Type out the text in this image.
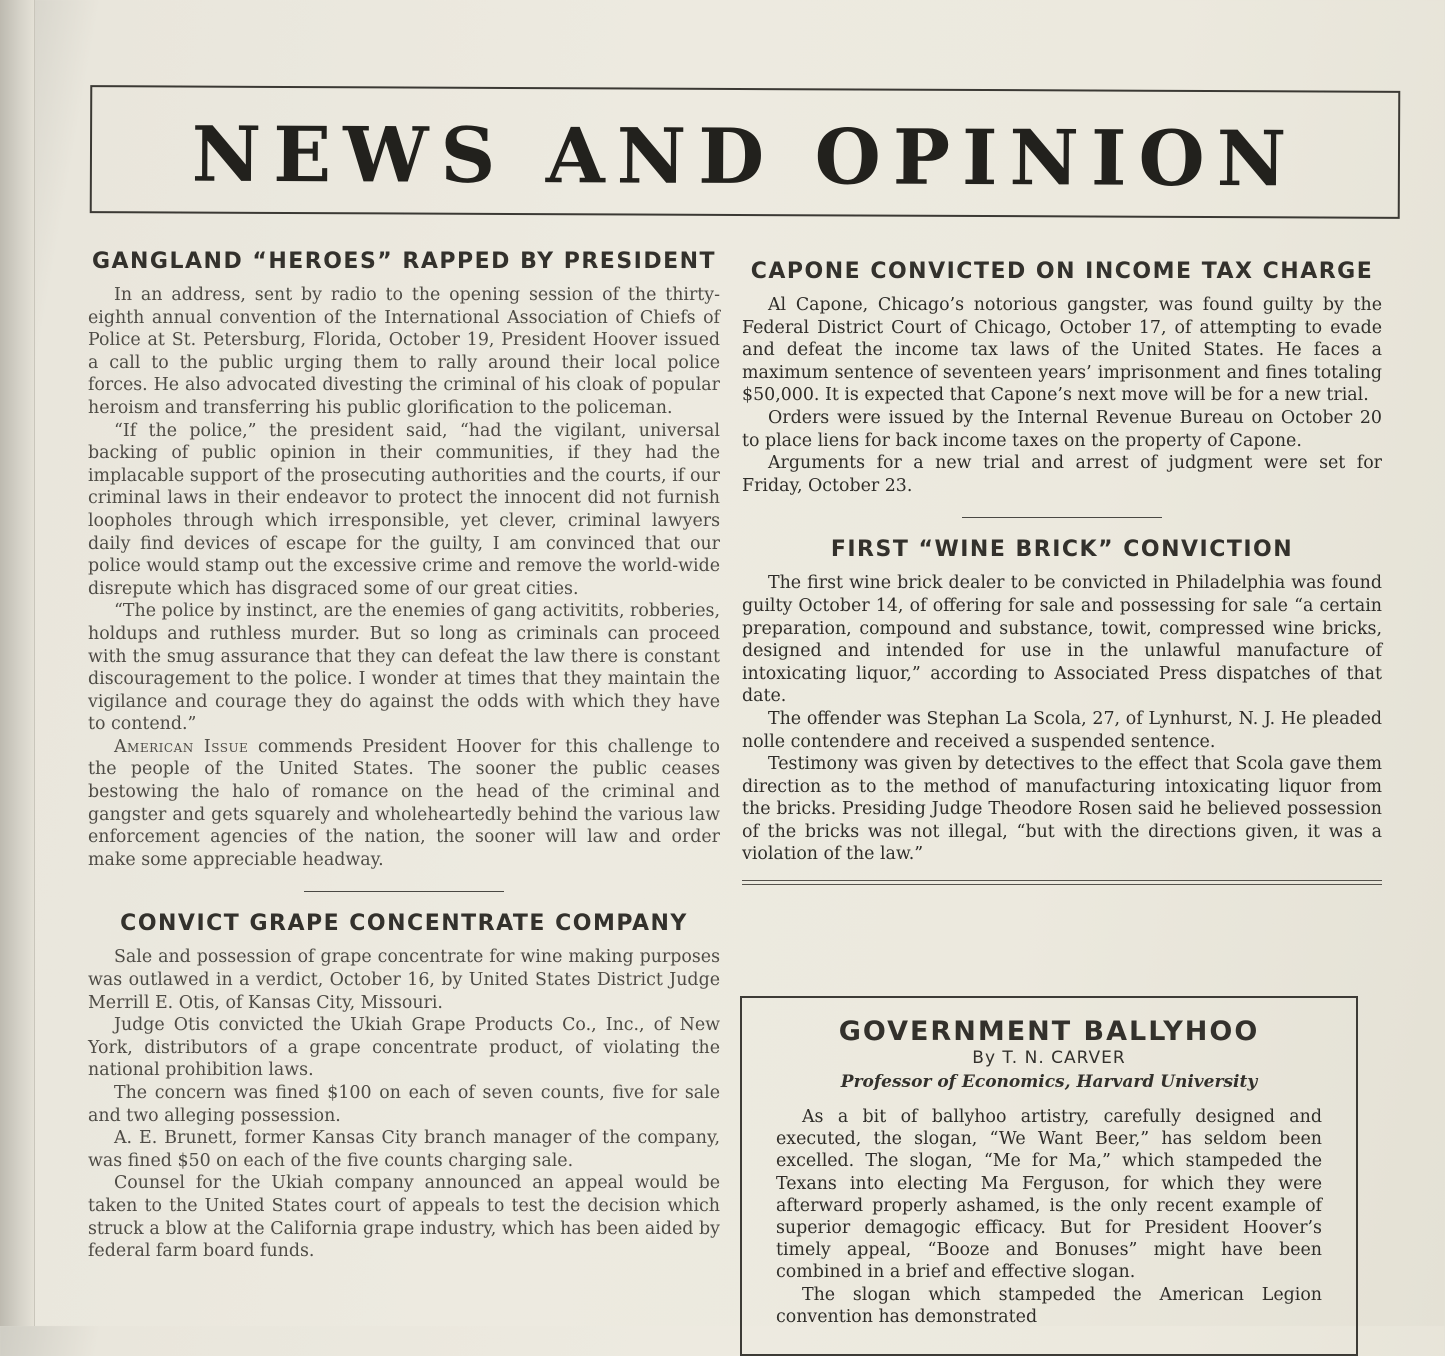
NEWS AND OPINION
GANGLAND “HEROES” RAPPED BY PRESIDENT

In an address, sent by radio to the opening session of the thirty-eighth annual convention of the International Association of Chiefs of Police at St. Petersburg, Florida, October 19, President Hoover issued a call to the public urging them to rally around their local police forces. He also advocated divesting the criminal of his cloak of popular heroism and transferring his public glorification to the policeman.

“If the police,” the president said, “had the vigilant, universal backing of public opinion in their communities, if they had the implacable support of the prosecuting authorities and the courts, if our criminal laws in their endeavor to protect the innocent did not furnish loopholes through which irresponsible, yet clever, criminal lawyers daily find devices of escape for the guilty, I am convinced that our police would stamp out the excessive crime and remove the world-wide disrepute which has disgraced some of our great cities.

“The police by instinct, are the enemies of gang activitits, robberies, holdups and ruthless murder. But so long as criminals can proceed with the smug assurance that they can defeat the law there is constant discouragement to the police. I wonder at times that they maintain the vigilance and courage they do against the odds with which they have to contend.”

American Issue commends President Hoover for this challenge to the people of the United States. The sooner the public ceases bestowing the halo of romance on the head of the criminal and gangster and gets squarely and wholeheartedly behind the various law enforcement agencies of the nation, the sooner will law and order make some appreciable headway.

CONVICT GRAPE CONCENTRATE COMPANY

Sale and possession of grape concentrate for wine making purposes was outlawed in a verdict, October 16, by United States District Judge Merrill E. Otis, of Kansas City, Missouri.

Judge Otis convicted the Ukiah Grape Products Co., Inc., of New York, distributors of a grape concentrate product, of violating the national prohibition laws.

The concern was fined $100 on each of seven counts, five for sale and two alleging possession.

A. E. Brunett, former Kansas City branch manager of the company, was fined $50 on each of the five counts charging sale.

Counsel for the Ukiah company announced an appeal would be taken to the United States court of appeals to test the decision which struck a blow at the California grape industry, which has been aided by federal farm board funds.

CAPONE CONVICTED ON INCOME TAX CHARGE

Al Capone, Chicago’s notorious gangster, was found guilty by the Federal District Court of Chicago, October 17, of attempting to evade and defeat the income tax laws of the United States. He faces a maximum sentence of seventeen years’ imprisonment and fines totaling $50,000. It is expected that Capone’s next move will be for a new trial.

Orders were issued by the Internal Revenue Bureau on October 20 to place liens for back income taxes on the property of Capone.

Arguments for a new trial and arrest of judgment were set for Friday, October 23.

FIRST “WINE BRICK” CONVICTION

The first wine brick dealer to be convicted in Philadelphia was found guilty October 14, of offering for sale and possessing for sale “a certain preparation, compound and substance, towit, compressed wine bricks, designed and intended for use in the unlawful manufacture of intoxicating liquor,” according to Associated Press dispatches of that date.

The offender was Stephan La Scola, 27, of Lynhurst, N. J. He pleaded nolle contendere and received a suspended sentence.

Testimony was given by detectives to the effect that Scola gave them direction as to the method of manufacturing intoxicating liquor from the bricks. Presiding Judge Theodore Rosen said he believed possession of the bricks was not illegal, “but with the directions given, it was a violation of the law.”

GOVERNMENT BALLYHOO

By T. N. CARVER

Professor of Economics, Harvard University

As a bit of ballyhoo artistry, carefully designed and executed, the slogan, “We Want Beer,” has seldom been excelled. The slogan, “Me for Ma,” which stampeded the Texans into electing Ma Ferguson, for which they were afterward properly ashamed, is the only recent example of superior demagogic efficacy. But for President Hoover’s timely appeal, “Booze and Bonuses” might have been combined in a brief and effective slogan.

The slogan which stampeded the American Legion convention has demonstrated
